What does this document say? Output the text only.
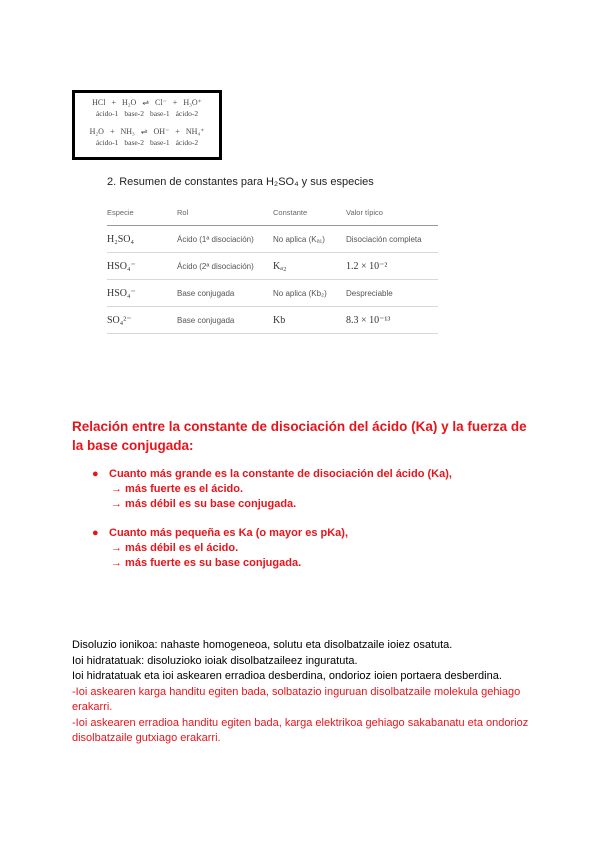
HCl + H₂O ⇌ Cl⁻ + H₃O⁺
ácido-1 base-2 base-1 ácido-2
H₂O + NH₃ ⇌ OH⁻ + NH₄⁺
ácido-1 base-2 base-1 ácido-2
2. Resumen de constantes para H₂SO₄ y sus especies
Especie	Rol	Constante	Valor típico
H₂SO₄	Ácido (1ª disociación)	No aplica (Kₐ₁)	Disociación completa
HSO₄⁻	Ácido (2ª disociación)	Kₐ₂	1.2 × 10⁻²
HSO₄⁻	Base conjugada	No aplica (Kb₂)	Despreciable
SO₄²⁻	Base conjugada	Kb	8.3 × 10⁻¹³
Relación entre la constante de disociación del ácido (Ka) y la fuerza de la base conjugada:
● Cuanto más grande es la constante de disociación del ácido (Ka),
→ más fuerte es el ácido.
→ más débil es su base conjugada.
● Cuanto más pequeña es Ka (o mayor es pKa),
→ más débil es el ácido.
→ más fuerte es su base conjugada.
Disoluzio ionikoa: nahaste homogeneoa, solutu eta disolbatzaile ioiez osatuta.
Ioi hidratatuak: disoluzioko ioiak disolbatzaileez inguratuta.
Ioi hidratatuak eta ioi askearen erradioa desberdina, ondorioz ioien portaera desberdina.
-Ioi askearen karga handitu egiten bada, solbatazio inguruan disolbatzaile molekula gehiago erakarri.
-Ioi askearen erradioa handitu egiten bada, karga elektrikoa gehiago sakabanatu eta ondorioz disolbatzaile gutxiago erakarri.
